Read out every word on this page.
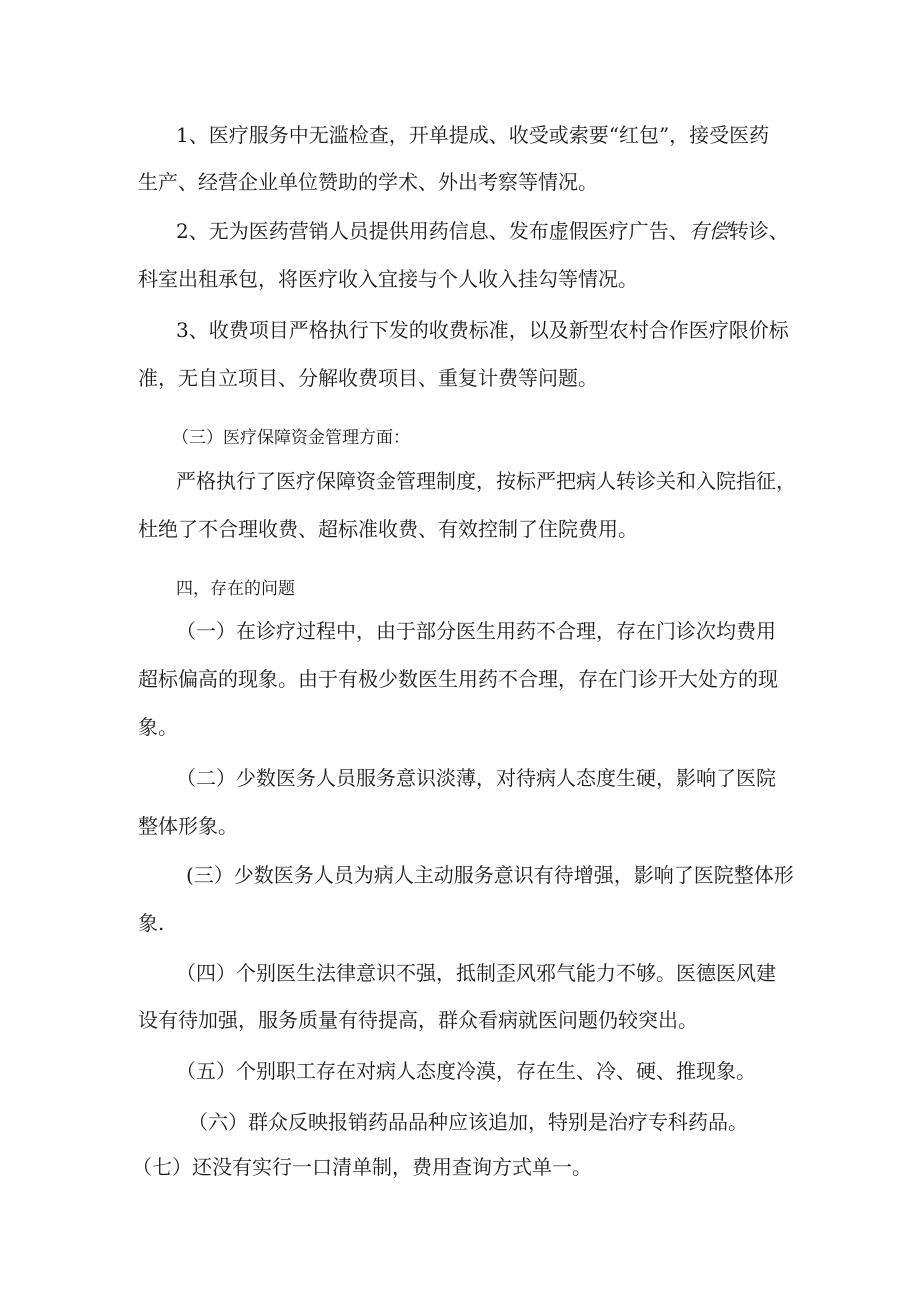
1、医疗服务中无滥检查，开单提成、收受或索要“红包”，接受医药

生产、经营企业单位赞助的学术、外出考察等情况。

2、无为医药营销人员提供用药信息、发布虚假医疗广告、有偿转诊、

科室出租承包，将医疗收入宜接与个人收入挂勾等情况。

3、收费项目严格执行下发的收费标准，以及新型农村合作医疗限价标

准，无自立项目、分解收费项目、重复计费等问题。

（三）医疗保障资金管理方面：

严格执行了医疗保障资金管理制度，按标严把病人转诊关和入院指征，

杜绝了不合理收费、超标准收费、有效控制了住院费用。

四，存在的问题

（一）在诊疗过程中，由于部分医生用药不合理，存在门诊次均费用

超标偏高的现象。由于有极少数医生用药不合理，存在门诊开大处方的现

象。

（二）少数医务人员服务意识淡薄，对待病人态度生硬，影响了医院

整体形象。

(三）少数医务人员为病人主动服务意识有待增强，影响了医院整体形

象.

（四）个别医生法律意识不强，抵制歪风邪气能力不够。医德医风建

设有待加强，服务质量有待提高，群众看病就医问题仍较突出。

（五）个别职工存在对病人态度冷漠，存在生、冷、硬、推现象。

（六）群众反映报销药品品种应该追加，特别是治疗专科药品。

（七）还没有实行一口清单制，费用查询方式单一。
